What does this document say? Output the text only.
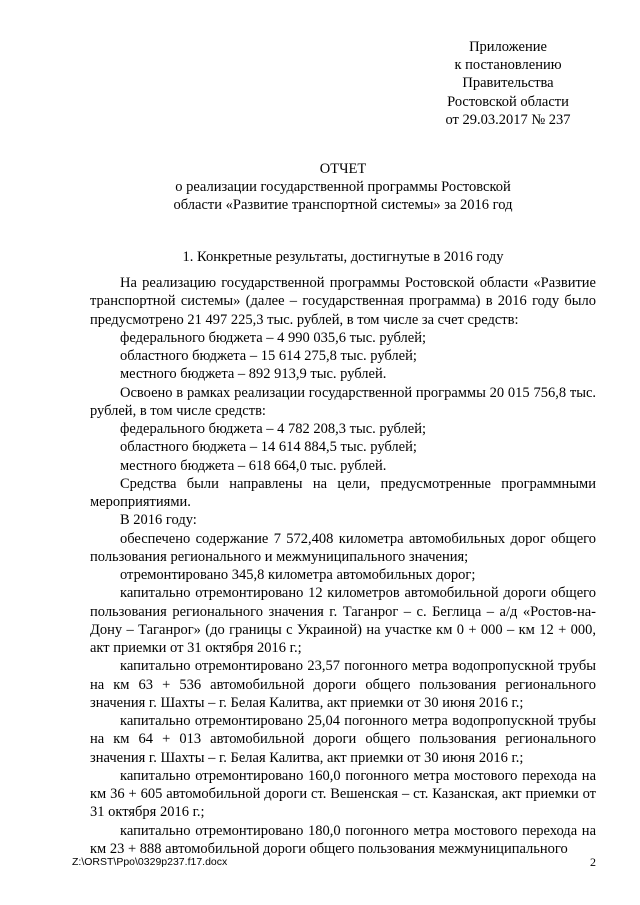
Приложение
к постановлению
Правительства
Ростовской области
от 29.03.2017 № 237
ОТЧЕТ
о реализации государственной программы Ростовской
области «Развитие транспортной системы» за 2016 год
1. Конкретные результаты, достигнутые в 2016 году

На реализацию государственной программы Ростовской области «Развитие транспортной системы» (далее – государственная программа) в 2016 году было предусмотрено 21 497 225,3 тыс. рублей, в том числе за счет средств:

федерального бюджета – 4 990 035,6 тыс. рублей;

областного бюджета – 15 614 275,8 тыс. рублей;

местного бюджета – 892 913,9 тыс. рублей.

Освоено в рамках реализации государственной программы 20 015 756,8 тыс. рублей, в том числе средств:

федерального бюджета – 4 782 208,3 тыс. рублей;

областного бюджета – 14 614 884,5 тыс. рублей;

местного бюджета – 618 664,0 тыс. рублей.

Средства были направлены на цели, предусмотренные программными мероприятиями.

В 2016 году:

обеспечено содержание 7 572,408 километра автомобильных дорог общего пользования регионального и межмуниципального значения;

отремонтировано 345,8 километра автомобильных дорог;

капитально отремонтировано 12 километров автомобильной дороги общего пользования регионального значения г. Таганрог – с. Беглица – а/д «Ростов-на-Дону – Таганрог» (до границы с Украиной) на участке км 0 + 000 – км 12 + 000, акт приемки от 31 октября 2016 г.;

капитально отремонтировано 23,57 погонного метра водопропускной трубы на км 63 + 536 автомобильной дороги общего пользования регионального значения г. Шахты – г. Белая Калитва, акт приемки от 30 июня 2016 г.;

капитально отремонтировано 25,04 погонного метра водопропускной трубы на км 64 + 013 автомобильной дороги общего пользования регионального значения г. Шахты – г. Белая Калитва, акт приемки от 30 июня 2016 г.;

капитально отремонтировано 160,0 погонного метра мостового перехода на км 36 + 605 автомобильной дороги ст. Вешенская – ст. Казанская, акт приемки от 31 октября 2016 г.;

капитально отремонтировано 180,0 погонного метра мостового перехода на км 23 + 888 автомобильной дороги общего пользования межмуниципального

Z:\ORST\Ppo\0329p237.f17.docx	2
